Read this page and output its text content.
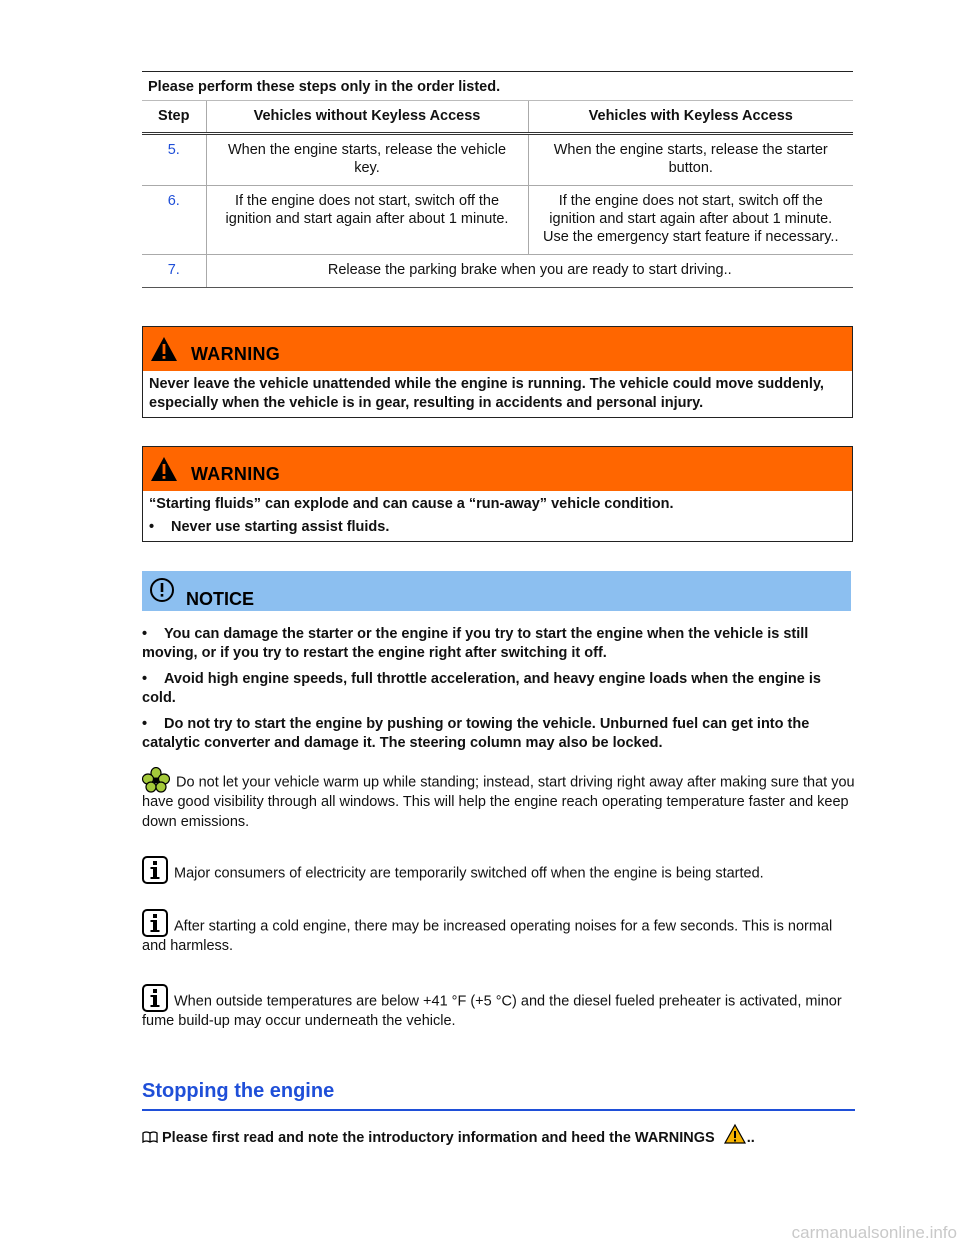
Please perform these steps only in the order listed.
Step	Vehicles without Keyless Access	Vehicles with Keyless Access
5.	When the engine starts, release the vehicle key.	When the engine starts, release the starter button.
6.	If the engine does not start, switch off the ignition and start again after about 1 minute.	If the engine does not start, switch off the ignition and start again after about 1 minute. Use the emergency start feature if necessary..
7.	Release the parking brake when you are ready to start driving..	
WARNING
Never leave the vehicle unattended while the engine is running. The vehicle could move suddenly, especially when the vehicle is in gear, resulting in accidents and personal injury.
WARNING
“Starting fluids” can explode and can cause a “run-away” vehicle condition.
• Never use starting assist fluids.
NOTICE
• You can damage the starter or the engine if you try to start the engine when the vehicle is still moving, or if you try to restart the engine right after switching it off.
• Avoid high engine speeds, full throttle acceleration, and heavy engine loads when the engine is cold.
• Do not try to start the engine by pushing or towing the vehicle. Unburned fuel can get into the catalytic converter and damage it. The steering column may also be locked.
Do not let your vehicle warm up while standing; instead, start driving right away after making sure that you have good visibility through all windows. This will help the engine reach operating temperature faster and keep down emissions.
Major consumers of electricity are temporarily switched off when the engine is being started.
After starting a cold engine, there may be increased operating noises for a few seconds. This is normal and harmless.
When outside temperatures are below +41 °F (+5 °C) and the diesel fueled preheater is activated, minor fume build-up may occur underneath the vehicle.
Stopping the engine
Please first read and note the introductory information and heed the WARNINGS ..
carmanualsonline.info
